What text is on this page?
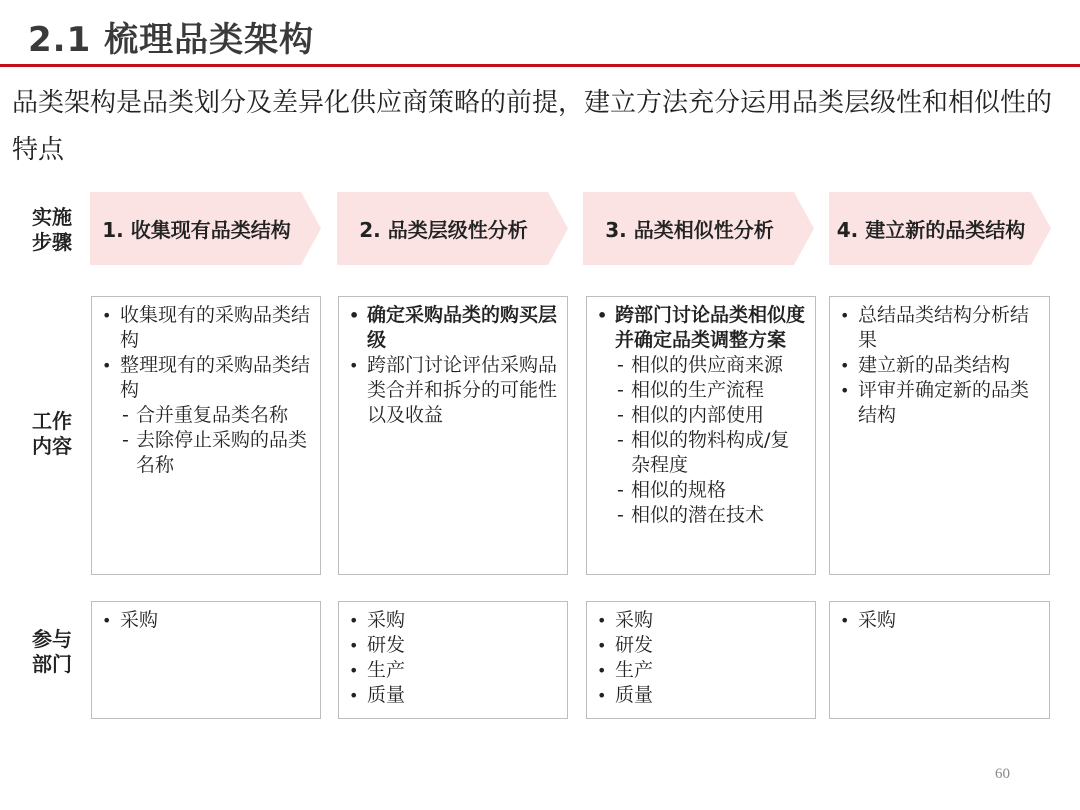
2.1 梳理品类架构
品类架构是品类划分及差异化供应商策略的前提，建立方法充分运用品类层级性和相似性的特点
实施
步骤
工作
内容
参与
部门
1. 收集现有品类结构	2. 品类层级性分析	3. 品类相似性分析	4. 建立新的品类结构
• 收集现有的采购品类结构
• 整理现有的采购品类结构
- 合并重复品类名称
- 去除停止采购的品类名称
• 确定采购品类的购买层级
• 跨部门讨论评估采购品类合并和拆分的可能性以及收益
• 跨部门讨论品类相似度并确定品类调整方案
- 相似的供应商来源
- 相似的生产流程
- 相似的内部使用
- 相似的物料构成/复杂程度
- 相似的规格
- 相似的潜在技术
• 总结品类结构分析结果
• 建立新的品类结构
• 评审并确定新的品类结构
• 采购
•	采购
• 研发
• 生产
• 质量
• 采购
• 研发
• 生产
• 质量
• 采购
60
